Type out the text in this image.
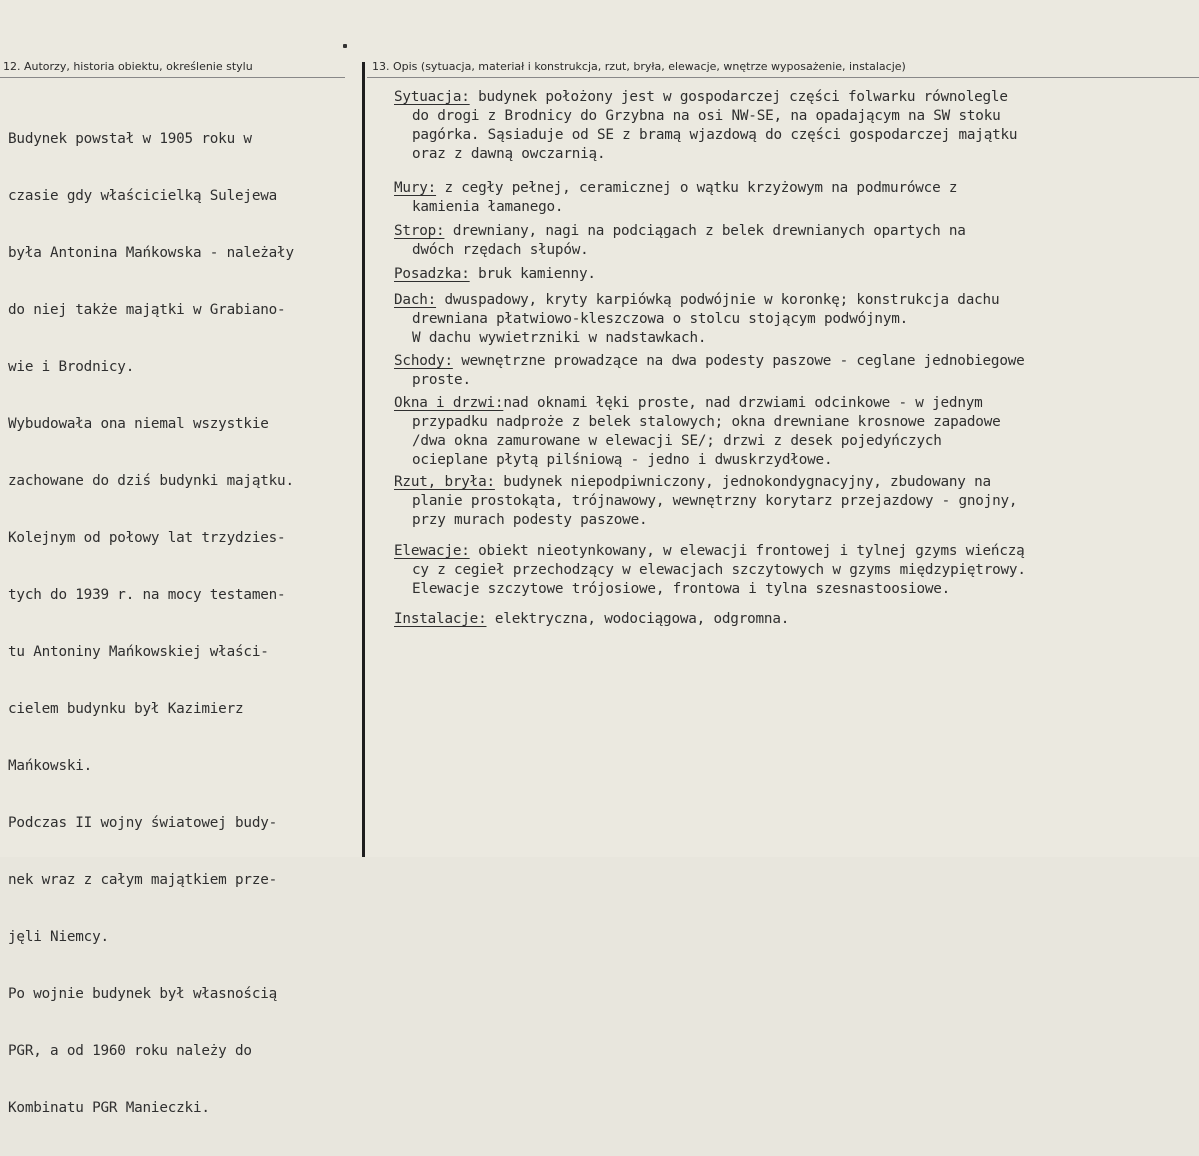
12. Autorzy, historia obiektu, określenie stylu	13. Opis (sytuacja, materiał i konstrukcja, rzut, bryła, elewacje, wnętrze wyposażenie, instalacje)

Budynek powstał w 1905 roku w

czasie gdy właścicielką Sulejewa

była Antonina Mańkowska - należały

do niej także majątki w Grabiano-

wie i Brodnicy.

Wybudowała ona niemal wszystkie

zachowane do dziś budynki majątku.

Kolejnym od połowy lat trzydzies-

tych do 1939 r. na mocy testamen-

tu Antoniny Mańkowskiej właści-

cielem budynku był Kazimierz

Mańkowski.

Podczas II wojny światowej budy-

nek wraz z całym majątkiem prze-

jęli Niemcy.

Po wojnie budynek był własnością

PGR, a od 1960 roku należy do

Kombinatu PGR Manieczki.

Sytuacja: budynek położony jest w gospodarczej części folwarku równolegle
do drogi z Brodnicy do Grzybna na osi NW-SE, na opadającym na SW stoku
pagórka. Sąsiaduje od SE z bramą wjazdową do części gospodarczej majątku
oraz z dawną owczarnią.

Mury: z cegły pełnej, ceramicznej o wątku krzyżowym na podmurówce z
kamienia łamanego.

Strop: drewniany, nagi na podciągach z belek drewnianych opartych na
dwóch rzędach słupów.

Posadzka: bruk kamienny.

Dach: dwuspadowy, kryty karpiówką podwójnie w koronkę; konstrukcja dachu
drewniana płatwiowo-kleszczowa o stolcu stojącym podwójnym.
W dachu wywietrzniki w nadstawkach.

Schody: wewnętrzne prowadzące na dwa podesty paszowe - ceglane jednobiegowe
proste.

Okna i drzwi:nad oknami łęki proste, nad drzwiami odcinkowe - w jednym
przypadku nadproże z belek stalowych; okna drewniane krosnowe zapadowe
/dwa okna zamurowane w elewacji SE/; drzwi z desek pojedyńczych
ocieplane płytą pilśniową - jedno i dwuskrzydłowe.

Rzut, bryła: budynek niepodpiwniczony, jednokondygnacyjny, zbudowany na
planie prostokąta, trójnawowy, wewnętrzny korytarz przejazdowy - gnojny,
przy murach podesty paszowe.

Elewacje: obiekt nieotynkowany, w elewacji frontowej i tylnej gzyms wieńczą
cy z cegieł przechodzący w elewacjach szczytowych w gzyms międzypiętrowy.
Elewacje szczytowe trójosiowe, frontowa i tylna szesnastoosiowe.

Instalacje: elektryczna, wodociągowa, odgromna.
